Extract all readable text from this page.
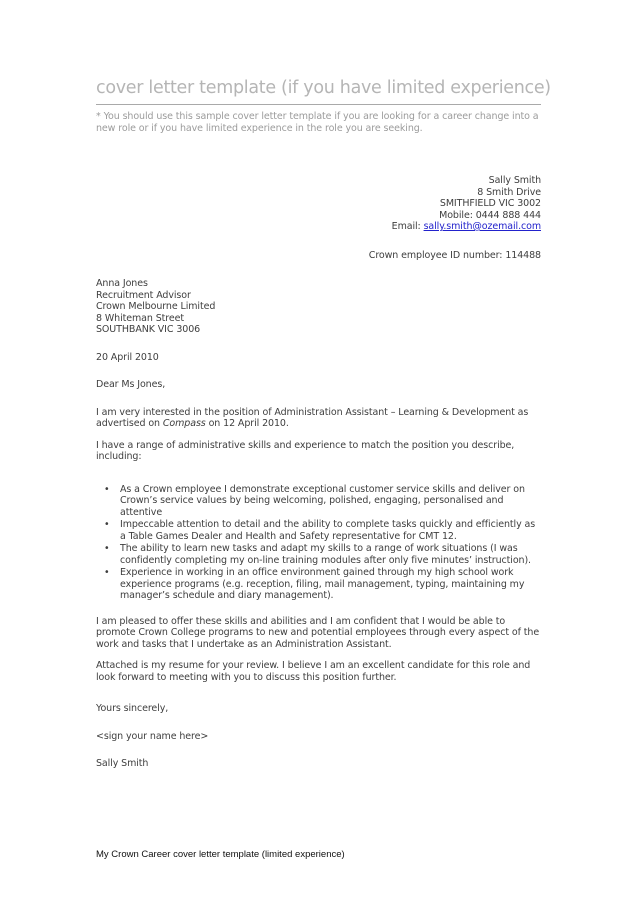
cover letter template (if you have limited experience)

* You should use this sample cover letter template if you are looking for a career change into a new role or if you have limited experience in the role you are seeking.

Sally Smith
8 Smith Drive
SMITHFIELD VIC 3002
Mobile: 0444 888 444
Email: sally.smith@ozemail.com
Crown employee ID number: 114488
Anna Jones
Recruitment Advisor
Crown Melbourne Limited
8 Whiteman Street
SOUTHBANK VIC 3006

20 April 2010

Dear Ms Jones,

I am very interested in the position of Administration Assistant – Learning & Development as advertised on Compass on 12 April 2010.

I have a range of administrative skills and experience to match the position you describe, including:

• As a Crown employee I demonstrate exceptional customer service skills and deliver on Crown’s service values by being welcoming, polished, engaging, personalised and attentive
• Impeccable attention to detail and the ability to complete tasks quickly and efficiently as a Table Games Dealer and Health and Safety representative for CMT 12.
• The ability to learn new tasks and adapt my skills to a range of work situations (I was confidently completing my on-line training modules after only five minutes’ instruction).
• Experience in working in an office environment gained through my high school work experience programs (e.g. reception, filing, mail management, typing, maintaining my manager’s schedule and diary management).

I am pleased to offer these skills and abilities and I am confident that I would be able to promote Crown College programs to new and potential employees through every aspect of the work and tasks that I undertake as an Administration Assistant.

Attached is my resume for your review. I believe I am an excellent candidate for this role and look forward to meeting with you to discuss this position further.

Yours sincerely,

<sign your name here>

Sally Smith

My Crown Career cover letter template (limited experience)
